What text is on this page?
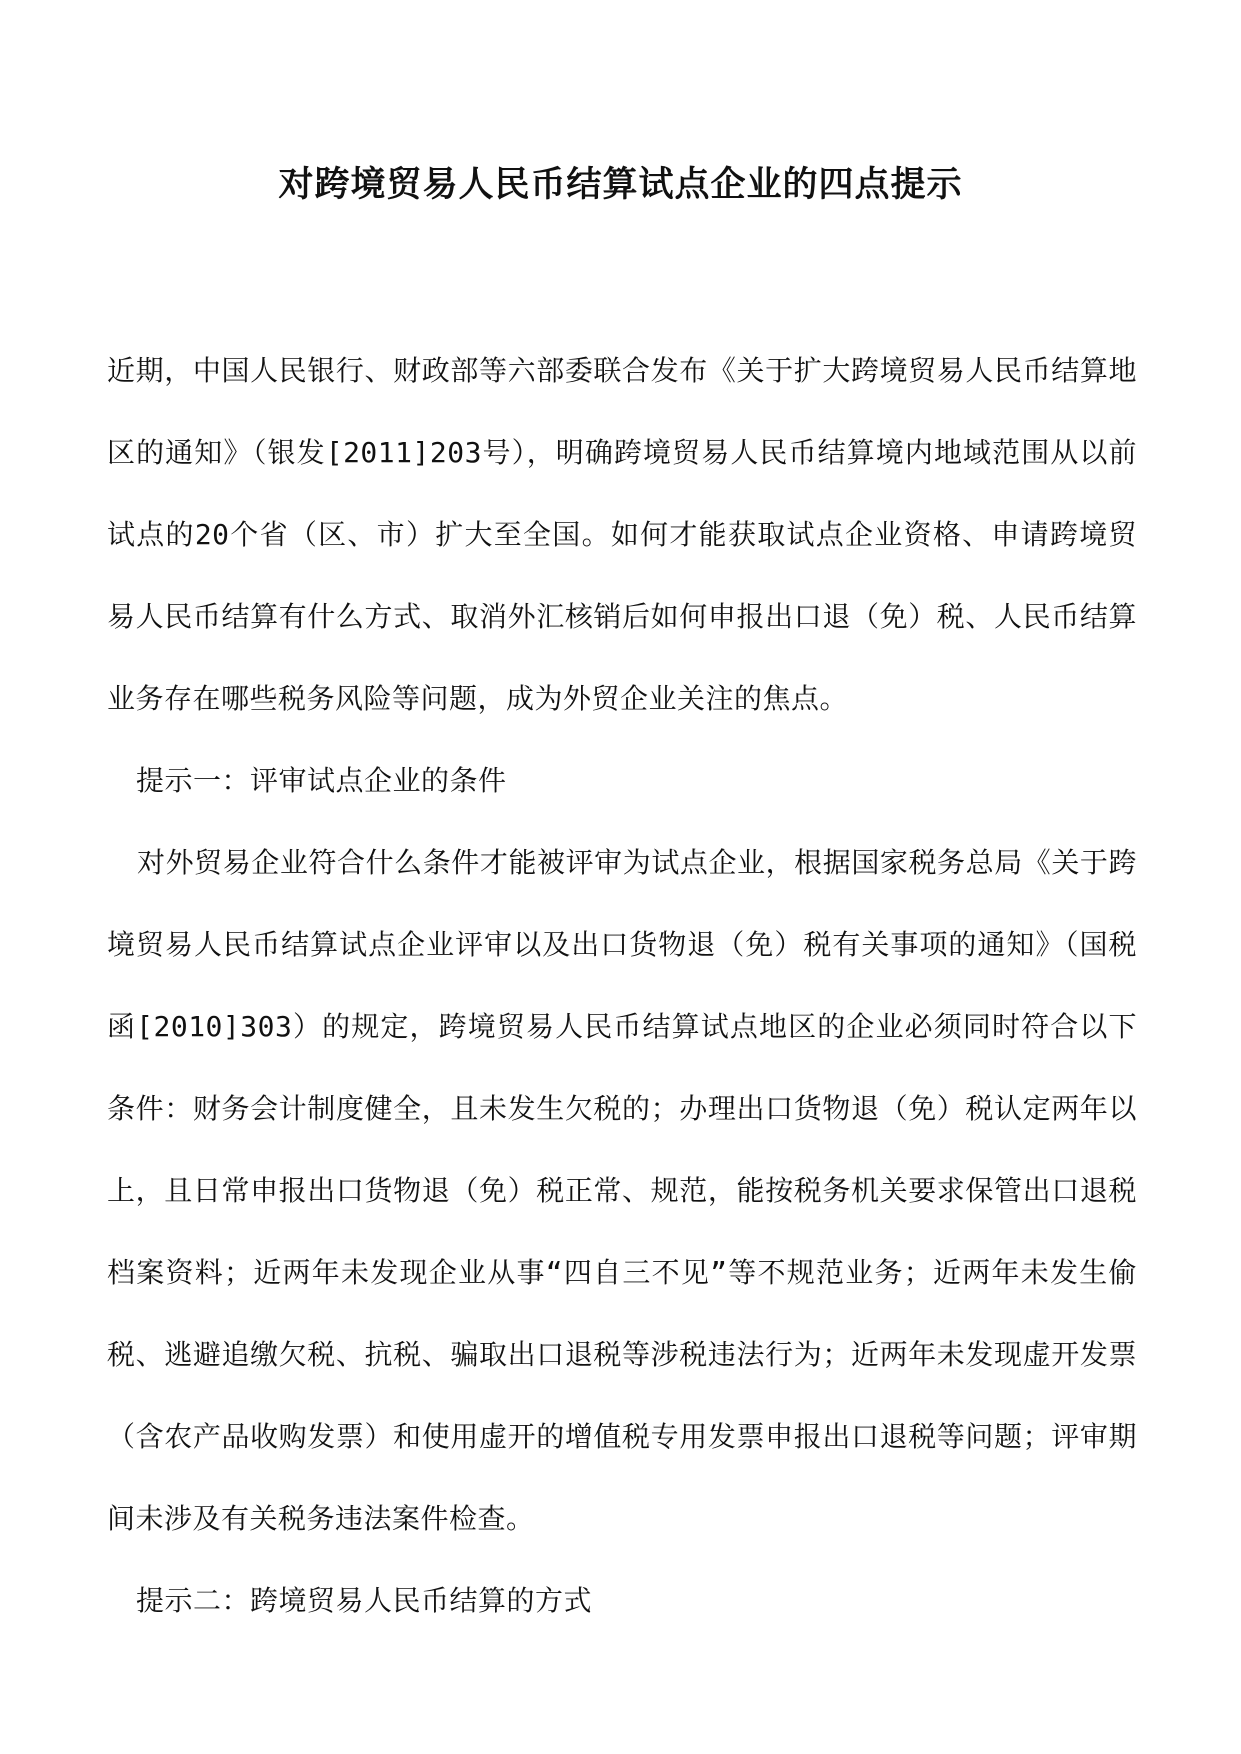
对跨境贸易人民币结算试点企业的四点提示

近期，中国人民银行、财政部等六部委联合发布《关于扩大跨境贸易人民币结算地区的通知》（银发[2011]203号），明确跨境贸易人民币结算境内地域范围从以前试点的20个省（区、市）扩大至全国。如何才能获取试点企业资格、申请跨境贸易人民币结算有什么方式、取消外汇核销后如何申报出口退（免）税、人民币结算业务存在哪些税务风险等问题，成为外贸企业关注的焦点。

提示一：评审试点企业的条件

对外贸易企业符合什么条件才能被评审为试点企业，根据国家税务总局《关于跨境贸易人民币结算试点企业评审以及出口货物退（免）税有关事项的通知》（国税函[2010]303）的规定，跨境贸易人民币结算试点地区的企业必须同时符合以下条件：财务会计制度健全，且未发生欠税的；办理出口货物退（免）税认定两年以上，且日常申报出口货物退（免）税正常、规范，能按税务机关要求保管出口退税档案资料；近两年未发现企业从事“四自三不见”等不规范业务；近两年未发生偷税、逃避追缴欠税、抗税、骗取出口退税等涉税违法行为；近两年未发现虚开发票（含农产品收购发票）和使用虚开的增值税专用发票申报出口退税等问题；评审期间未涉及有关税务违法案件检查。

提示二：跨境贸易人民币结算的方式
